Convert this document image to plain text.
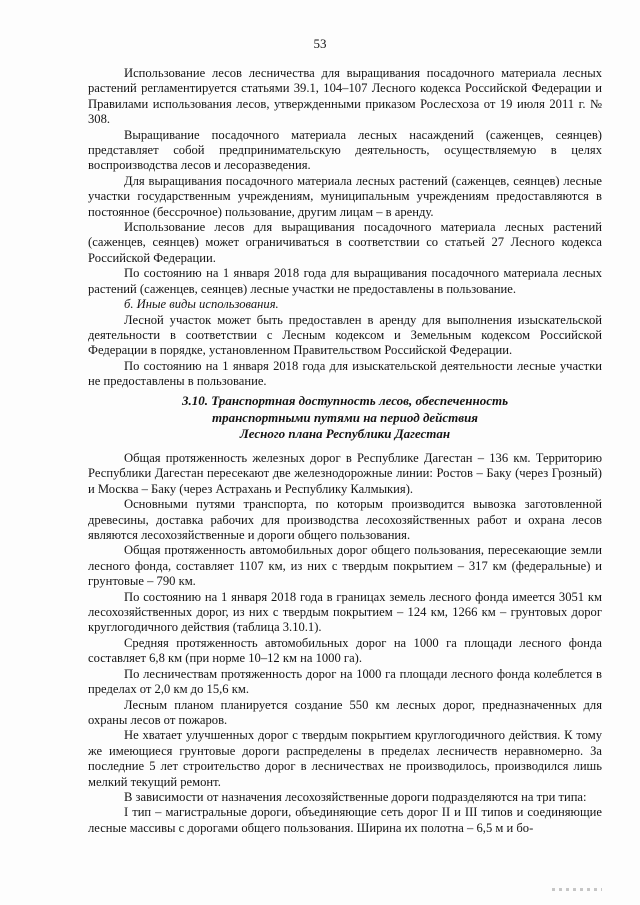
53

Использование лесов лесничества для выращивания посадочного материала лесных растений регламентируется статьями 39.1, 104–107 Лесного кодекса Российской Федерации и Правилами использования лесов, утвержденными приказом Рослесхоза от 19 июля 2011 г. № 308.

Выращивание посадочного материала лесных насаждений (саженцев, сеянцев) представляет собой предпринимательскую деятельность, осуществляемую в целях воспроизводства лесов и лесоразведения.

Для выращивания посадочного материала лесных растений (саженцев, сеянцев) лесные участки государственным учреждениям, муниципальным учреждениям предоставляются в постоянное (бессрочное) пользование, другим лицам – в аренду.

Использование лесов для выращивания посадочного материала лесных растений (саженцев, сеянцев) может ограничиваться в соответствии со статьей 27 Лесного кодекса Российской Федерации.

По состоянию на 1 января 2018 года для выращивания посадочного материала лесных растений (саженцев, сеянцев) лесные участки не предоставлены в пользование.

б. Иные виды использования.

Лесной участок может быть предоставлен в аренду для выполнения изыскательской деятельности в соответствии с Лесным кодексом и Земельным кодексом Российской Федерации в порядке, установленном Правительством Российской Федерации.

По состоянию на 1 января 2018 года для изыскательской деятельности лесные участки не предоставлены в пользование.

3.10. Транспортная доступность лесов, обеспеченность
транспортными путями на период действия
Лесного плана Республики Дагестан

Общая протяженность железных дорог в Республике Дагестан – 136 км. Территорию Республики Дагестан пересекают две железнодорожные линии: Ростов – Баку (через Грозный) и Москва – Баку (через Астрахань и Республику Калмыкия).

Основными путями транспорта, по которым производится вывозка заготовленной древесины, доставка рабочих для производства лесохозяйственных работ и охрана лесов являются лесохозяйственные и дороги общего пользования.

Общая протяженность автомобильных дорог общего пользования, пересекающие земли лесного фонда, составляет 1107 км, из них с твердым покрытием – 317 км (федеральные) и грунтовые – 790 км.

По состоянию на 1 января 2018 года в границах земель лесного фонда имеется 3051 км лесохозяйственных дорог, из них с твердым покрытием – 124 км, 1266 км – грунтовых дорог круглогодичного действия (таблица 3.10.1).

Средняя протяженность автомобильных дорог на 1000 га площади лесного фонда составляет 6,8 км (при норме 10–12 км на 1000 га).

По лесничествам протяженность дорог на 1000 га площади лесного фонда колеблется в пределах от 2,0 км до 15,6 км.

Лесным планом планируется создание 550 км лесных дорог, предназначенных для охраны лесов от пожаров.

Не хватает улучшенных дорог с твердым покрытием круглогодичного действия. К тому же имеющиеся грунтовые дороги распределены в пределах лесничеств неравномерно. За последние 5 лет строительство дорог в лесничествах не производилось, производился лишь мелкий текущий ремонт.

В зависимости от назначения лесохозяйственные дороги подразделяются на три типа:

I тип – магистральные дороги, объединяющие сеть дорог II и III типов и соединяющие лесные массивы с дорогами общего пользования. Ширина их полотна – 6,5 м и бо-
